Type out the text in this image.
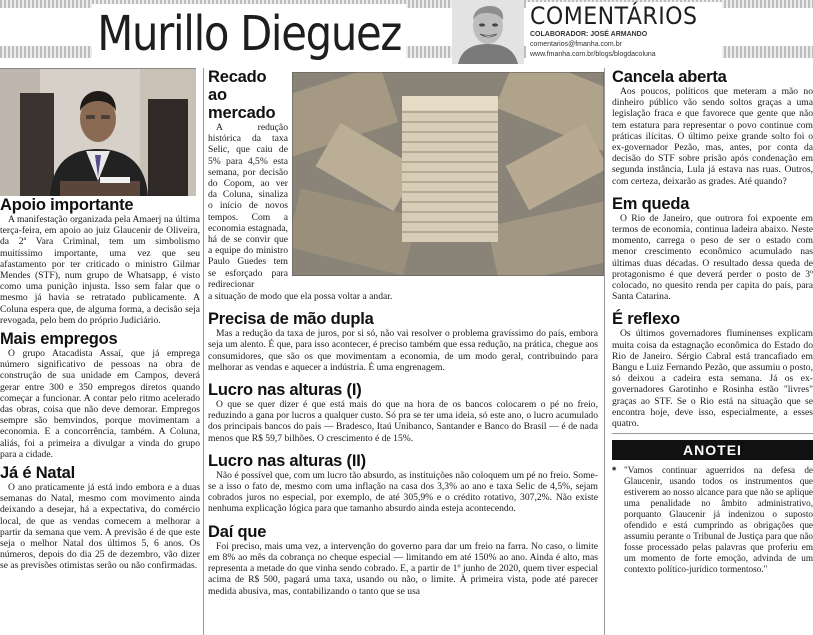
Murillo Dieguez	COMENTÁRIOS
COLABORADOR: JOSÉ ARMANDO
comentarios@fmanha.com.br
www.fmanha.com.br/blogs/blogdacoluna
Apoio importante

A manifestação organizada pela Amaerj na última terça-feira, em apoio ao juiz Glaucenir de Oliveira, da 2ª Vara Criminal, tem um simbolismo muitíssimo importante, uma vez que seu afastamento por ter criticado o ministro Gilmar Mendes (STF), num grupo de Whatsapp, é visto como uma punição injusta. Isso sem falar que o mesmo já havia se retratado publicamente. A Coluna espera que, de alguma forma, a decisão seja revogada, pelo bem do próprio Judiciário.

Mais empregos

O grupo Atacadista Assaí, que já emprega número significativo de pessoas na obra de construção de sua unidade em Campos, deverá gerar entre 300 e 350 empregos diretos quando começar a funcionar. A contar pelo ritmo acelerado das obras, coisa que não deve demorar. Empregos sempre são bemvindos, porque movimentam a economia. E a concorrência, também. A Coluna, aliás, foi a primeira a divulgar a vinda do grupo para a cidade.

Já é Natal

O ano praticamente já está indo embora e a duas semanas do Natal, mesmo com movimento ainda deixando a desejar, há a expectativa, do comércio local, de que as vendas comecem a melhorar a partir da semana que vem. A previsão é de que este seja o melhor Natal dos últimos 5, 6 anos. Os números, depois do dia 25 de dezembro, vão dizer se as previsões otimistas serão ou não confirmadas.

Recado ao mercado

A redução histórica da taxa Selic, que caiu de 5% para 4,5% esta semana, por decisão do Copom, ao ver da Coluna, sinaliza o início de novos tempos. Com a economia estagnada, há de se convir que a equipe do ministro Paulo Guedes tem se esforçado para redirecionar

a situação de modo que ela possa voltar a andar.

Precisa de mão dupla

Mas a redução da taxa de juros, por si só, não vai resolver o problema gravíssimo do país, embora seja um alento. É que, para isso acontecer, é preciso também que essa redução, na prática, chegue aos consumidores, que são os que movimentam a economia, de um modo geral, contribuindo para melhorar as vendas e aquecer a indústria. É uma engrenagem.

Lucro nas alturas (I)

O que se quer dizer é que está mais do que na hora de os bancos colocarem o pé no freio, reduzindo a gana por lucros a qualquer custo. Só pra se ter uma ideia, só este ano, o lucro acumulado dos principais bancos do país — Bradesco, Itaú Unibanco, Santander e Banco do Brasil — é de nada menos que R$ 59,7 bilhões. O crescimento é de 15%.

Lucro nas alturas (II)

Não é possível que, com um lucro tão absurdo, as instituições não coloquem um pé no freio. Some-se a isso o fato de, mesmo com uma inflação na casa dos 3,3% ao ano e taxa Selic de 4,5%, sejam cobrados juros no especial, por exemplo, de até 305,9% e o crédito rotativo, 307,2%. Não existe nenhuma explicação lógica para que tamanho absurdo ainda esteja acontecendo.

Daí que

Foi preciso, mais uma vez, a intervenção do governo para dar um freio na farra. No caso, o limite em 8% ao mês da cobrança no cheque especial — limitando em até 150% ao ano. Ainda é alto, mas representa a metade do que vinha sendo cobrado. E, a partir de 1º junho de 2020, quem tiver especial acima de R$ 500, pagará uma taxa, usando ou não, o limite. À primeira vista, pode até parecer medida abusiva, mas, contabilizando o tanto que se usa

Cancela aberta

Aos poucos, políticos que meteram a mão no dinheiro público vão sendo soltos graças a uma legislação fraca e que favorece que gente que não tem estatura para representar o povo continue com práticas ilícitas. O último peixe grande solto foi o ex-governador Pezão, mas, antes, por conta da decisão do STF sobre prisão após condenação em segunda instância, Lula já estava nas ruas. Outros, com certeza, deixarão as grades. Até quando?

Em queda

O Rio de Janeiro, que outrora foi expoente em termos de economia, continua ladeira abaixo. Neste momento, carrega o peso de ser o estado com menor crescimento econômico acumulado nas últimas duas décadas. O resultado dessa queda de protagonismo é que deverá perder o posto de 3º colocado, no quesito renda per capita do país, para Santa Catarina.

É reflexo

Os últimos governadores fluminenses explicam muita coisa da estagnação econômica do Estado do Rio de Janeiro. Sérgio Cabral está trancafiado em Bangu e Luiz Fernando Pezão, que assumiu o posto, só deixou a cadeira esta semana. Já os ex-governadores Garotinho e Rosinha estão "livres" graças ao STF. Se o Rio está na situação que se encontra hoje, deve isso, especialmente, a esses quatro.

ANOTEI
* "Vamos continuar aguerridos na defesa de Glaucenir, usando todos os instrumentos que estiverem ao nosso alcance para que não se aplique uma penalidade no âmbito administrativo, porquanto Glaucenir já indenizou o suposto ofendido e está cumprindo as obrigações que assumiu perante o Tribunal de Justiça para que não fosse processado pelas palavras que proferiu em um momento de forte emoção, advinda de um contexto político-jurídico tormentoso."
